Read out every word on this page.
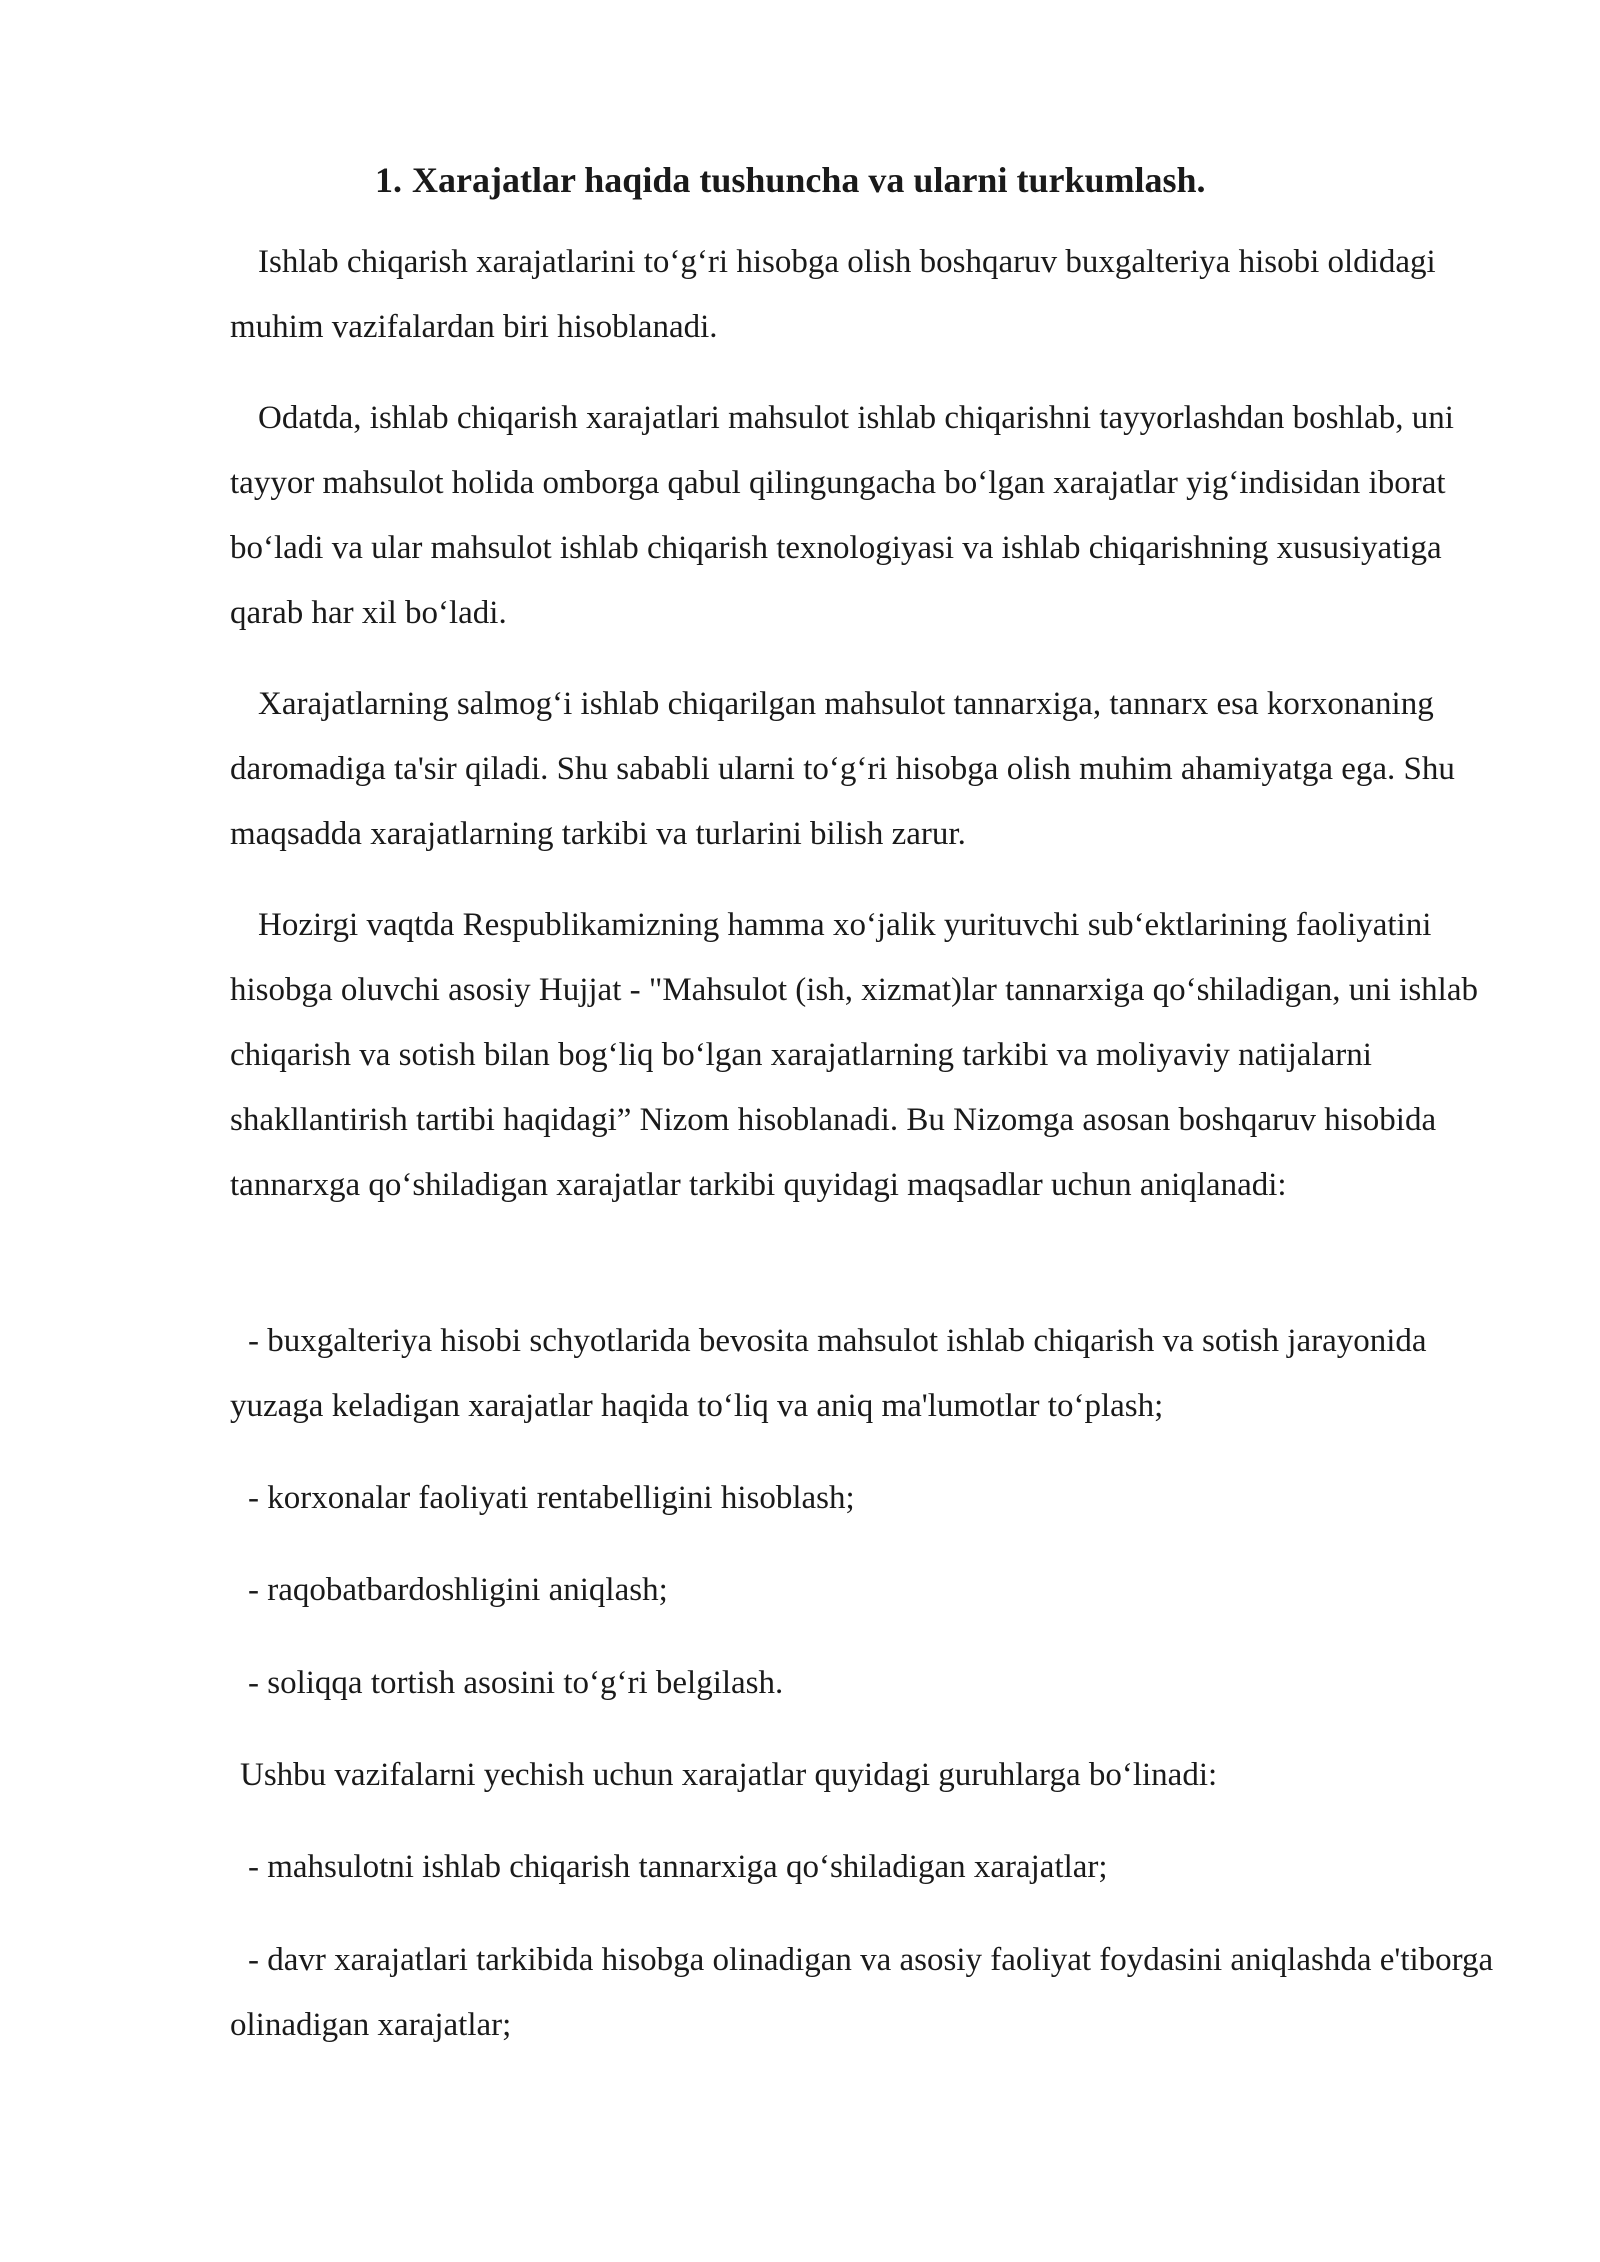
1. Xarajatlar haqida tushuncha va ularni turkumlash.

Ishlab chiqarish xarajatlarini to‘g‘ri hisobga olish boshqaruv buxgalteriya hisobi oldidagi muhim vazifalardan biri hisoblanadi.

Odatda, ishlab chiqarish xarajatlari mahsulot ishlab chiqarishni tayyorlashdan boshlab, uni tayyor mahsulot holida omborga qabul qilingungacha bo‘lgan xarajatlar yig‘indisidan iborat bo‘ladi va ular mahsulot ishlab chiqarish texnologiyasi va ishlab chiqarishning xususiyatiga qarab har xil bo‘ladi.

Xarajatlarning salmog‘i ishlab chiqarilgan mahsulot tannarxiga, tannarx esa korxonaning daromadiga ta'sir qiladi. Shu sababli ularni to‘g‘ri hisobga olish muhim ahamiyatga ega. Shu maqsadda xarajatlarning tarkibi va turlarini bilish zarur.

Hozirgi vaqtda Respublikamizning hamma xo‘jalik yurituvchi sub‘ektlarining faoliyatini hisobga oluvchi asosiy Hujjat - "Mahsulot (ish, xizmat)lar tannarxiga qo‘shiladigan, uni ishlab chiqarish va sotish bilan bog‘liq bo‘lgan xarajatlarning tarkibi va moliyaviy natijalarni shakllantirish tartibi haqidagi” Nizom hisoblanadi. Bu Nizomga asosan boshqaruv hisobida tannarxga qo‘shiladigan xarajatlar tarkibi quyidagi maqsadlar uchun aniqlanadi:

- buxgalteriya hisobi schyotlarida bevosita mahsulot ishlab chiqarish va sotish jarayonida yuzaga keladigan xarajatlar haqida to‘liq va aniq ma'lumotlar to‘plash;

- korxonalar faoliyati rentabelligini hisoblash;

- raqobatbardoshligini aniqlash;

- soliqqa tortish asosini to‘g‘ri belgilash.

Ushbu vazifalarni yechish uchun xarajatlar quyidagi guruhlarga bo‘linadi:

- mahsulotni ishlab chiqarish tannarxiga qo‘shiladigan xarajatlar;

- davr xarajatlari tarkibida hisobga olinadigan va asosiy faoliyat foydasini aniqlashda e'tiborga olinadigan xarajatlar;
